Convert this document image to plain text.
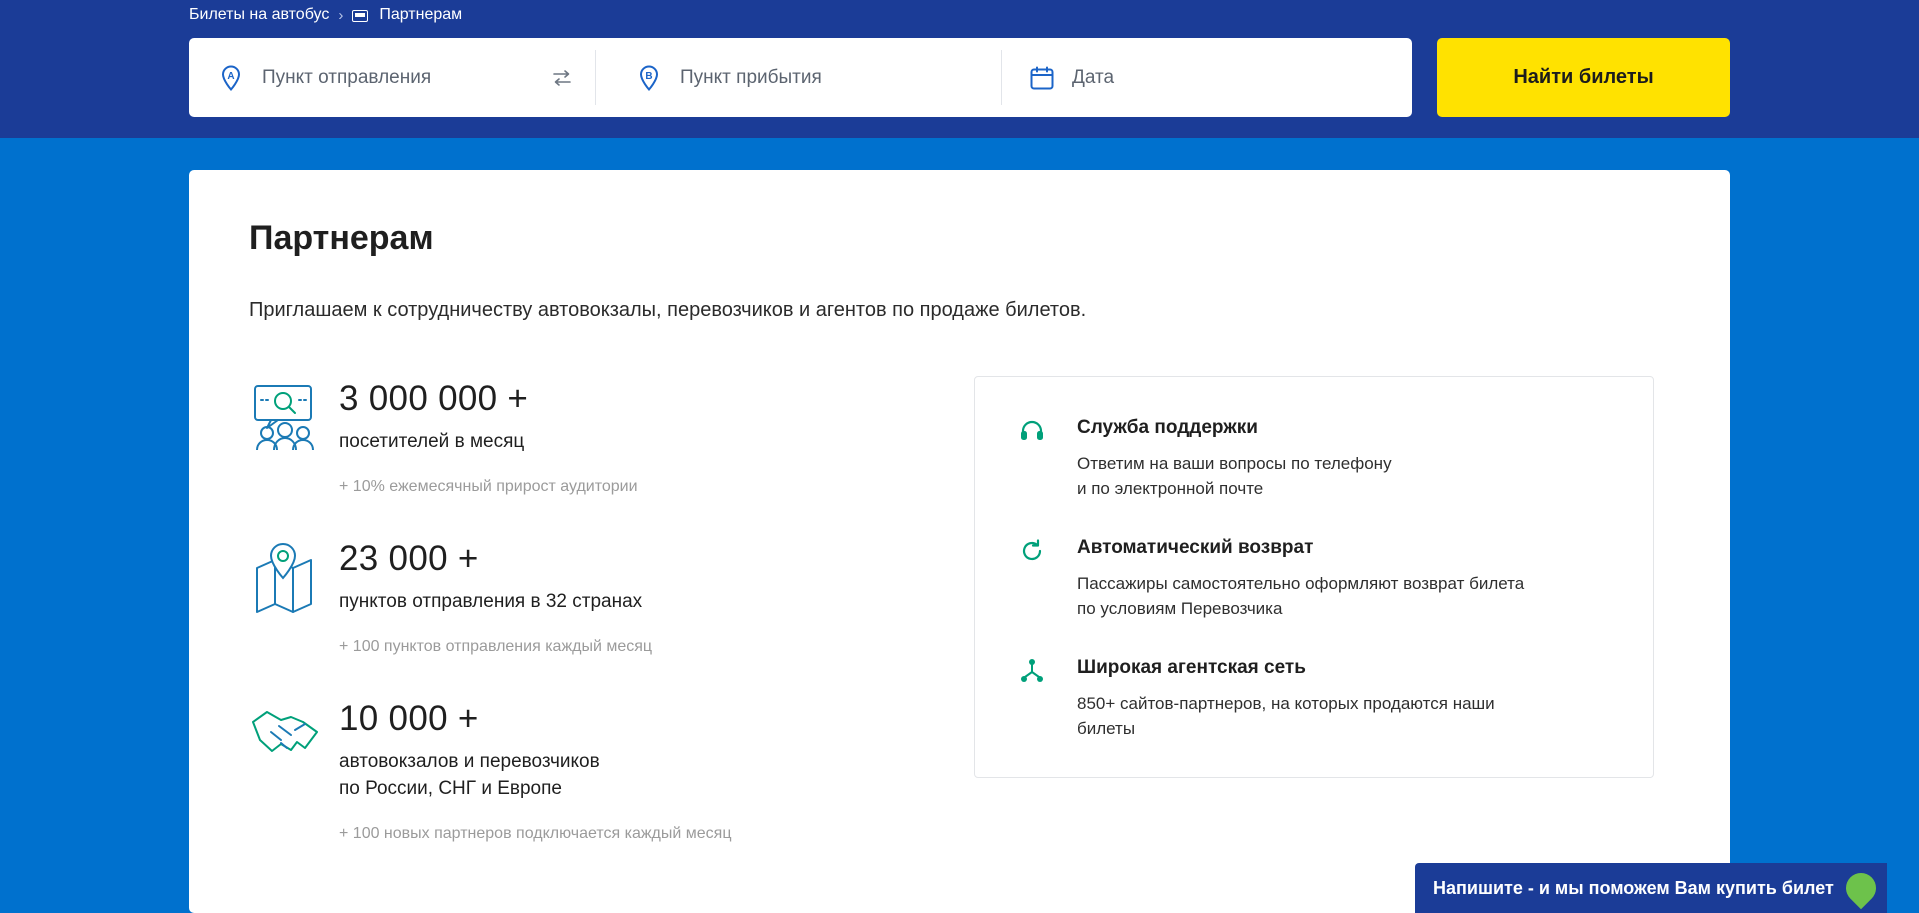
Билеты на автобус › Партнерам
A Пункт отправления	B Пункт прибытия	Дата	Найти билеты
Партнерам

Приглашаем к сотрудничеству автовокзалы, перевозчиков и агентов по продаже билетов.

3 000 000 +
посетителей в месяц
+ 10% ежемесячный прирост аудитории
23 000 +
пунктов отправления в 32 странах
+ 100 пунктов отправления каждый месяц
10 000 +
автовокзалов и перевозчиков
по России, СНГ и Европе
+ 100 новых партнеров подключается каждый месяц
Служба поддержки
Ответим на ваши вопросы по телефону
и по электронной почте
Автоматический возврат
Пассажиры самостоятельно оформляют возврат билета
по условиям Перевозчика
Широкая агентская сеть
850+ сайтов-партнеров, на которых продаются наши
билеты
Напишите - и мы поможем Вам купить билет
